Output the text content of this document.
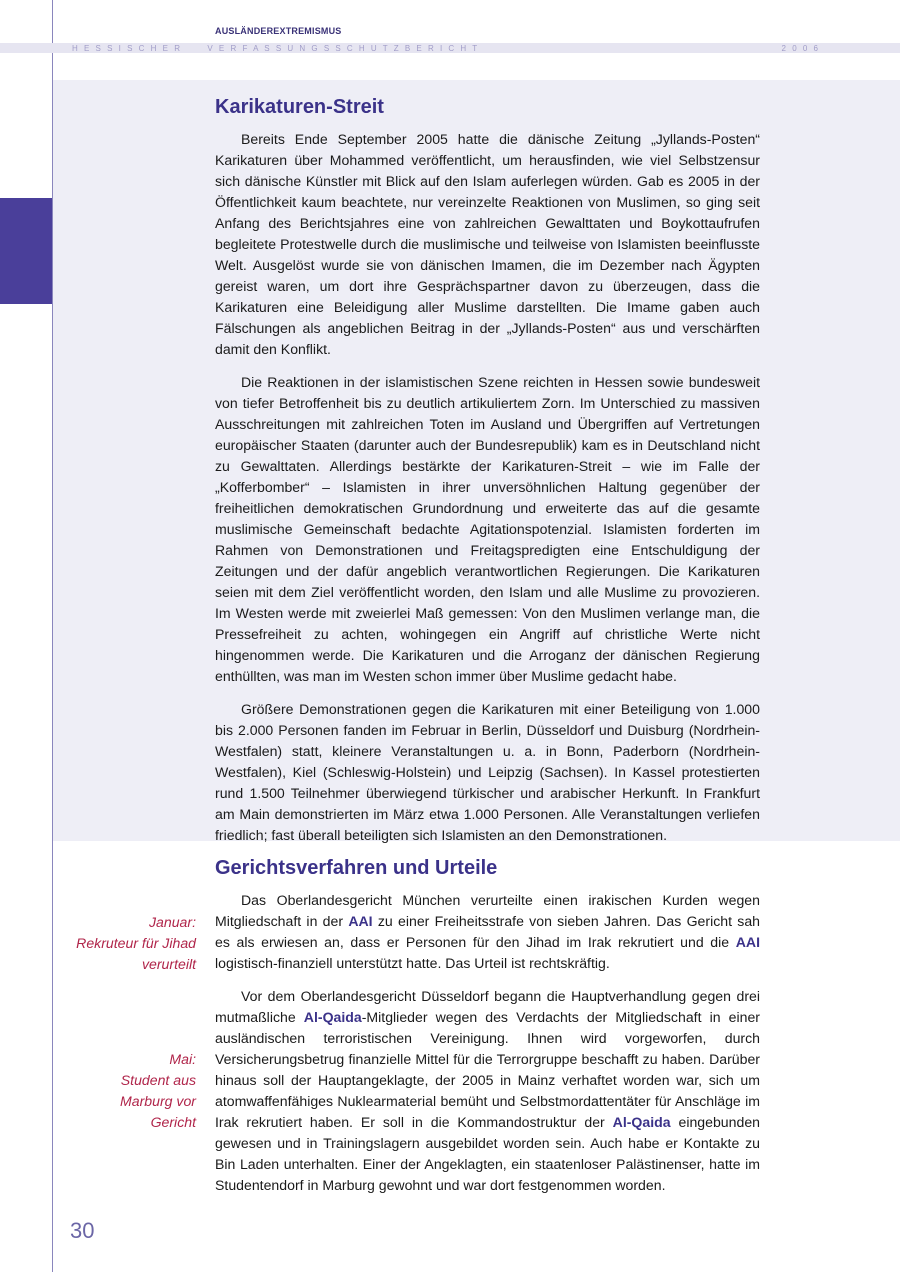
AUSLÄNDEREXTREMISMUS
H E S S I S C H E R      V E R F A S S U N G S S C H U T Z B E R I C H T	2 0 0 6
Karikaturen-Streit

Bereits Ende September 2005 hatte die dänische Zeitung „Jyllands-Posten“ Karikaturen über Mohammed veröffentlicht, um herausfinden, wie viel Selbstzensur sich dänische Künstler mit Blick auf den Islam auferlegen würden. Gab es 2005 in der Öffentlichkeit kaum beachtete, nur vereinzelte Reaktionen von Muslimen, so ging seit Anfang des Berichtsjahres eine von zahlreichen Gewalttaten und Boykottaufrufen begleitete Protestwelle durch die muslimische und teilweise von Islamisten beeinflusste Welt. Ausgelöst wurde sie von dänischen Imamen, die im Dezember nach Ägypten gereist waren, um dort ihre Gesprächspartner davon zu überzeugen, dass die Karikaturen eine Beleidigung aller Muslime darstellten. Die Imame gaben auch Fälschungen als angeblichen Beitrag in der „Jyllands-Posten“ aus und verschärften damit den Konflikt.

Die Reaktionen in der islamistischen Szene reichten in Hessen sowie bundesweit von tiefer Betroffenheit bis zu deutlich artikuliertem Zorn. Im Unterschied zu massiven Ausschreitungen mit zahlreichen Toten im Ausland und Übergriffen auf Vertretungen europäischer Staaten (darunter auch der Bundesrepublik) kam es in Deutschland nicht zu Gewalttaten. Allerdings bestärkte der Karikaturen-Streit – wie im Falle der „Kofferbomber“ – Islamisten in ihrer unversöhnlichen Haltung gegenüber der freiheitlichen demokratischen Grundordnung und erweiterte das auf die gesamte muslimische Gemeinschaft bedachte Agitationspotenzial. Islamisten forderten im Rahmen von Demonstrationen und Freitagspredigten eine Entschuldigung der Zeitungen und der dafür angeblich verantwortlichen Regierungen. Die Karikaturen seien mit dem Ziel veröffentlicht worden, den Islam und alle Muslime zu provozieren. Im Westen werde mit zweierlei Maß gemessen: Von den Muslimen verlange man, die Pressefreiheit zu achten, wohingegen ein Angriff auf christliche Werte nicht hingenommen werde. Die Karikaturen und die Arroganz der dänischen Regierung enthüllten, was man im Westen schon immer über Muslime gedacht habe.

Größere Demonstrationen gegen die Karikaturen mit einer Beteiligung von 1.000 bis 2.000 Personen fanden im Februar in Berlin, Düsseldorf und Duisburg (Nordrhein-Westfalen) statt, kleinere Veranstaltungen u. a. in Bonn, Paderborn (Nordrhein-Westfalen), Kiel (Schleswig-Holstein) und Leipzig (Sachsen). In Kassel protestierten rund 1.500 Teilnehmer überwiegend türkischer und arabischer Herkunft. In Frankfurt am Main demonstrierten im März etwa 1.000 Personen. Alle Veranstaltungen verliefen friedlich; fast überall beteiligten sich Islamisten an den Demonstrationen.

Gerichtsverfahren und Urteile

Das Oberlandesgericht München verurteilte einen irakischen Kurden wegen Mitgliedschaft in der AAI zu einer Freiheitsstrafe von sieben Jahren. Das Gericht sah es als erwiesen an, dass er Personen für den Jihad im Irak rekrutiert und die AAI logistisch-finanziell unterstützt hatte. Das Urteil ist rechtskräftig.

Vor dem Oberlandesgericht Düsseldorf begann die Hauptverhandlung gegen drei mutmaßliche Al-Qaida-Mitglieder wegen des Verdachts der Mitgliedschaft in einer ausländischen terroristischen Vereinigung. Ihnen wird vorgeworfen, durch Versicherungsbetrug finanzielle Mittel für die Terrorgruppe beschafft zu haben. Darüber hinaus soll der Hauptangeklagte, der 2005 in Mainz verhaftet worden war, sich um atomwaffenfähiges Nuklearmaterial bemüht und Selbstmordattentäter für Anschläge im Irak rekrutiert haben. Er soll in die Kommandostruktur der Al-Qaida eingebunden gewesen und in Trainingslagern ausgebildet worden sein. Auch habe er Kontakte zu Bin Laden unterhalten. Einer der Angeklagten, ein staatenloser Palästinenser, hatte im Studentendorf in Marburg gewohnt und war dort festgenommen worden.

Januar:
Rekruteur für Jihad
verurteilt
Mai:
Student aus
Marburg vor
Gericht
30
